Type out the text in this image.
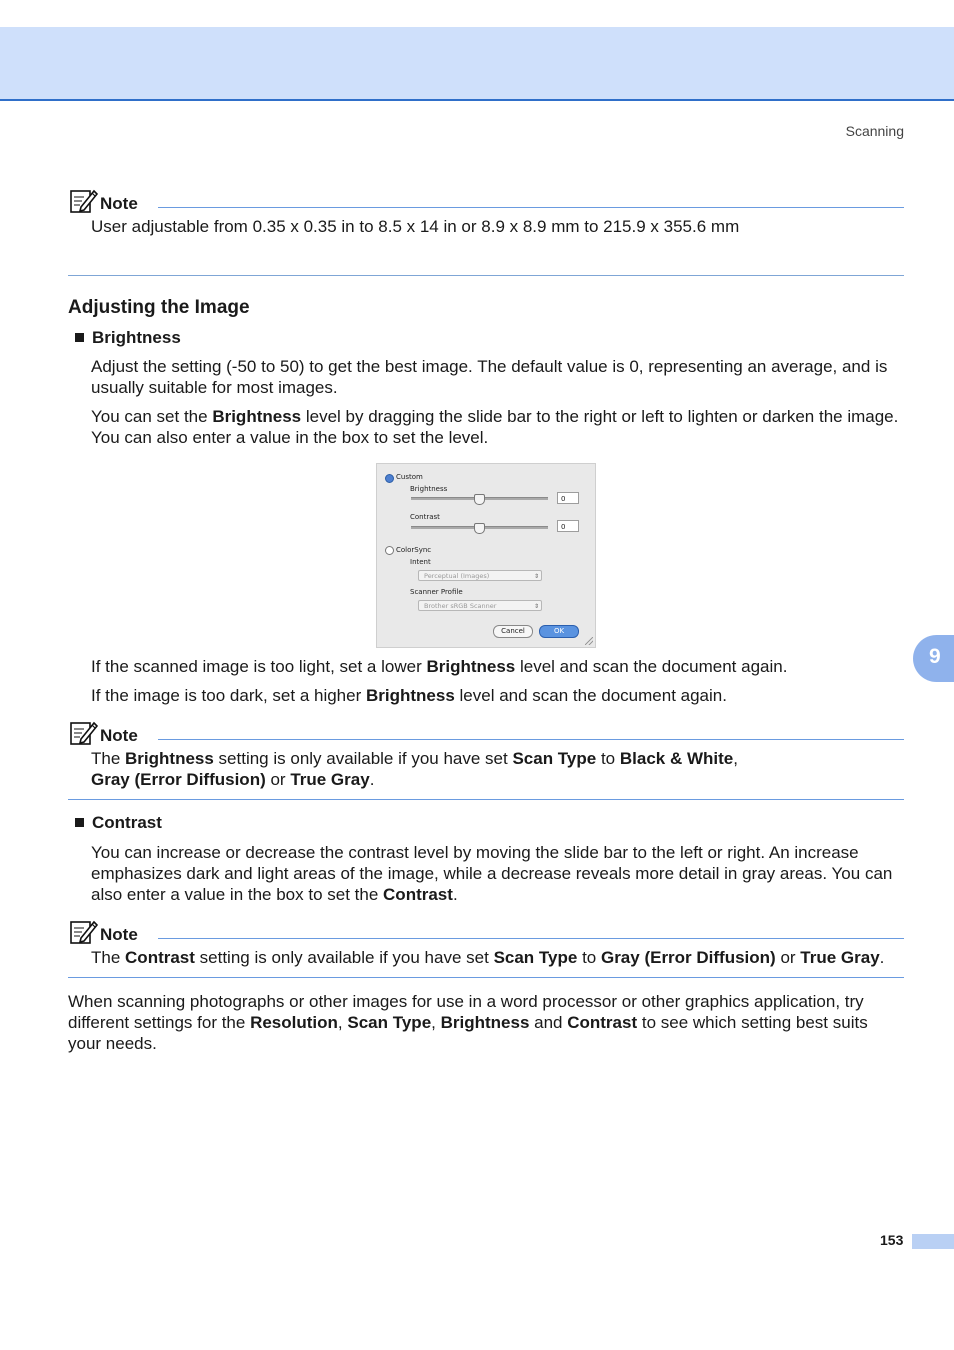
Scanning
Note
User adjustable from 0.35 x 0.35 in to 8.5 x 14 in or 8.9 x 8.9 mm to 215.9 x 355.6 mm
Adjusting the Image
Brightness
Adjust the setting (-50 to 50) to get the best image. The default value is 0, representing an average, and is usually suitable for most images.
You can set the Brightness level by dragging the slide bar to the right or left to lighten or darken the image. You can also enter a value in the box to set the level.
Custom
Brightness
0
Contrast
0
ColorSync
Intent
Perceptual (Images)	⇕
Scanner Profile
Brother sRGB Scanner	⇕
Cancel	OK
If the scanned image is too light, set a lower Brightness level and scan the document again.
If the image is too dark, set a higher Brightness level and scan the document again.
Note
The Brightness setting is only available if you have set Scan Type to Black & White,
Gray (Error Diffusion) or True Gray.
Contrast
You can increase or decrease the contrast level by moving the slide bar to the left or right. An increase emphasizes dark and light areas of the image, while a decrease reveals more detail in gray areas. You can also enter a value in the box to set the Contrast.
Note
The Contrast setting is only available if you have set Scan Type to Gray (Error Diffusion) or True Gray.
When scanning photographs or other images for use in a word processor or other graphics application, try different settings for the Resolution, Scan Type, Brightness and Contrast to see which setting best suits your needs.
9
153
